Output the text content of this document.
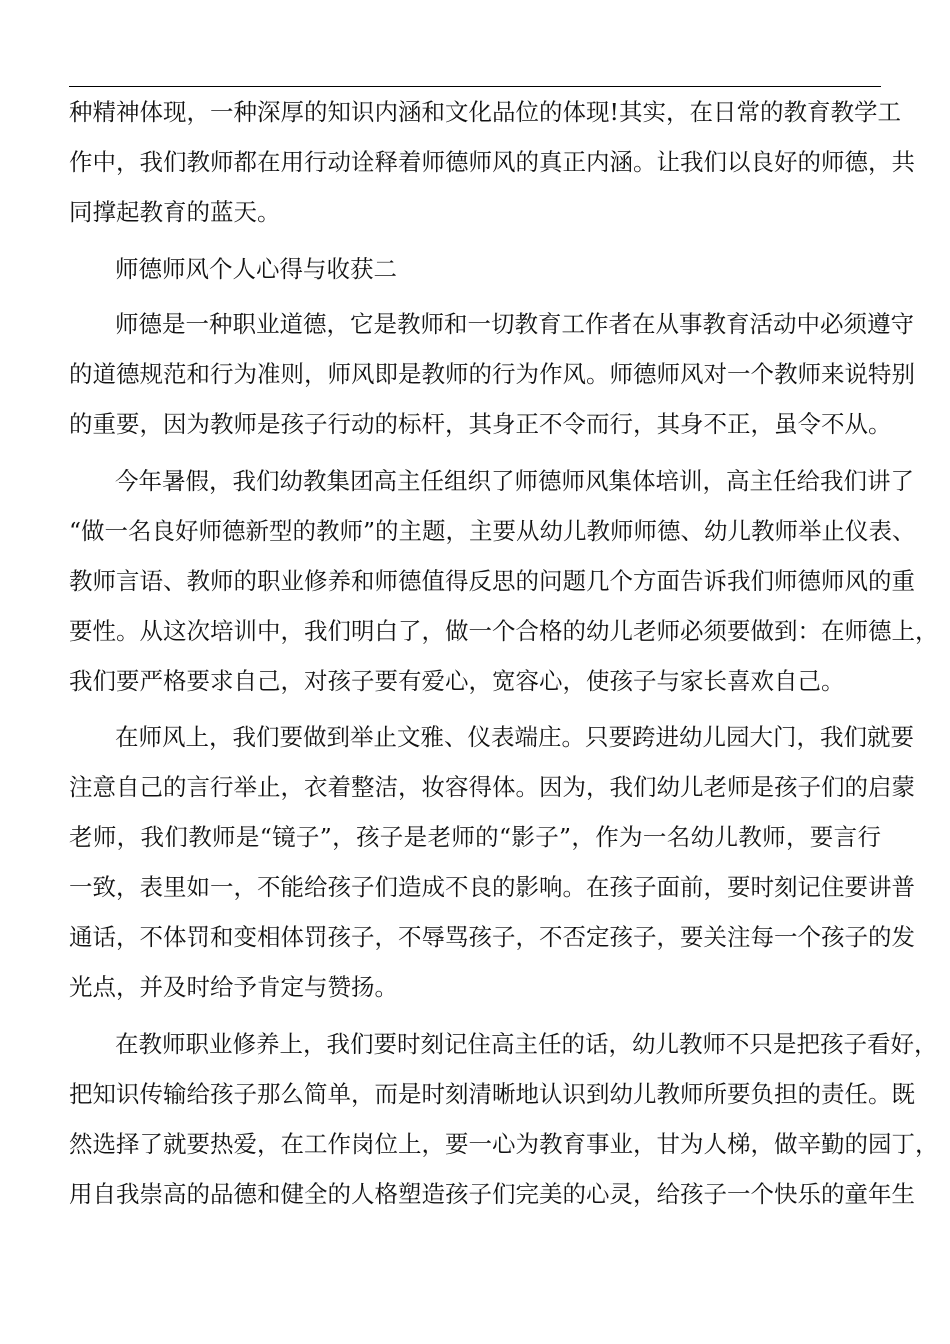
种精神体现，一种深厚的知识内涵和文化品位的体现!其实，在日常的教育教学工
作中，我们教师都在用行动诠释着师德师风的真正内涵。让我们以良好的师德，共
同撑起教育的蓝天。
师德师风个人心得与收获二
师德是一种职业道德，它是教师和一切教育工作者在从事教育活动中必须遵守
的道德规范和行为准则，师风即是教师的行为作风。师德师风对一个教师来说特别
的重要，因为教师是孩子行动的标杆，其身正不令而行，其身不正，虽令不从。
今年暑假，我们幼教集团高主任组织了师德师风集体培训，高主任给我们讲了
“做一名良好师德新型的教师”的主题，主要从幼儿教师师德、幼儿教师举止仪表、
教师言语、教师的职业修养和师德值得反思的问题几个方面告诉我们师德师风的重
要性。从这次培训中，我们明白了，做一个合格的幼儿老师必须要做到：在师德上，
我们要严格要求自己，对孩子要有爱心，宽容心，使孩子与家长喜欢自己。
在师风上，我们要做到举止文雅、仪表端庄。只要跨进幼儿园大门，我们就要
注意自己的言行举止，衣着整洁，妆容得体。因为，我们幼儿老师是孩子们的启蒙
老师，我们教师是“镜子”，孩子是老师的“影子”，作为一名幼儿教师，要言行
一致，表里如一，不能给孩子们造成不良的影响。在孩子面前，要时刻记住要讲普
通话，不体罚和变相体罚孩子，不辱骂孩子，不否定孩子，要关注每一个孩子的发
光点，并及时给予肯定与赞扬。
在教师职业修养上，我们要时刻记住高主任的话，幼儿教师不只是把孩子看好，
把知识传输给孩子那么简单，而是时刻清晰地认识到幼儿教师所要负担的责任。既
然选择了就要热爱，在工作岗位上，要一心为教育事业，甘为人梯，做辛勤的园丁，
用自我崇高的品德和健全的人格塑造孩子们完美的心灵，给孩子一个快乐的童年生
